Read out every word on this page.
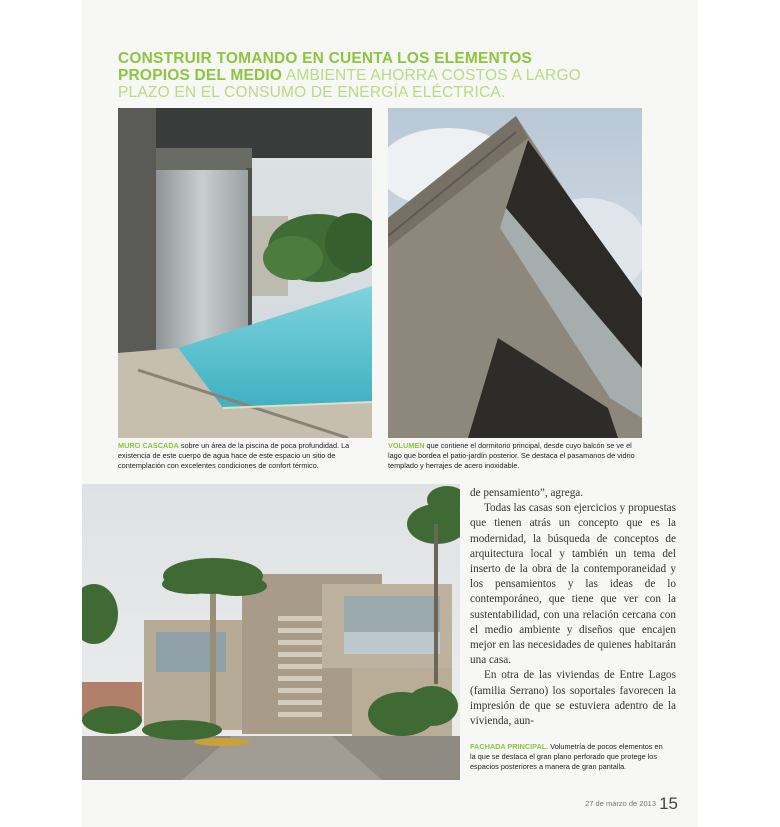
CONSTRUIR TOMANDO EN CUENTA LOS ELEMENTOS PROPIOS DEL MEDIO AMBIENTE AHORRA COSTOS A LARGO PLAZO EN EL CONSUMO DE ENERGÍA ELÉCTRICA.
MURO CASCADA sobre un área de la piscina de poca profundidad. La existencia de este cuerpo de agua hace de este espacio un sitio de contemplación con excelentes condiciones de confort térmico.
VOLUMEN que contiene el dormitorio principal, desde cuyo balcón se ve el lago que bordea el patio-jardín posterior. Se destaca el pasamanos de vidrio templado y herrajes de acero inoxidable.

de pensamiento”, agrega.

Todas las casas son ejercicios y propuestas que tienen atrás un concepto que es la modernidad, la búsqueda de conceptos de arquitectura local y también un tema del inserto de la obra de la contemporaneidad y los pensamientos y las ideas de lo contemporáneo, que tiene que ver con la sustentabilidad, con una relación cercana con el medio ambiente y diseños que encajen mejor en las necesidades de quienes habitarán una casa.

En otra de las viviendas de Entre Lagos (familia Serrano) los soportales favorecen la impresión de que se estuviera adentro de la vivienda, aun-

FACHADA PRINCIPAL. Volumetría de pocos elementos en la que se destaca el gran plano perforado que protege los espacios posteriores a manera de gran pantalla.
27 de marzo de 2013 15
